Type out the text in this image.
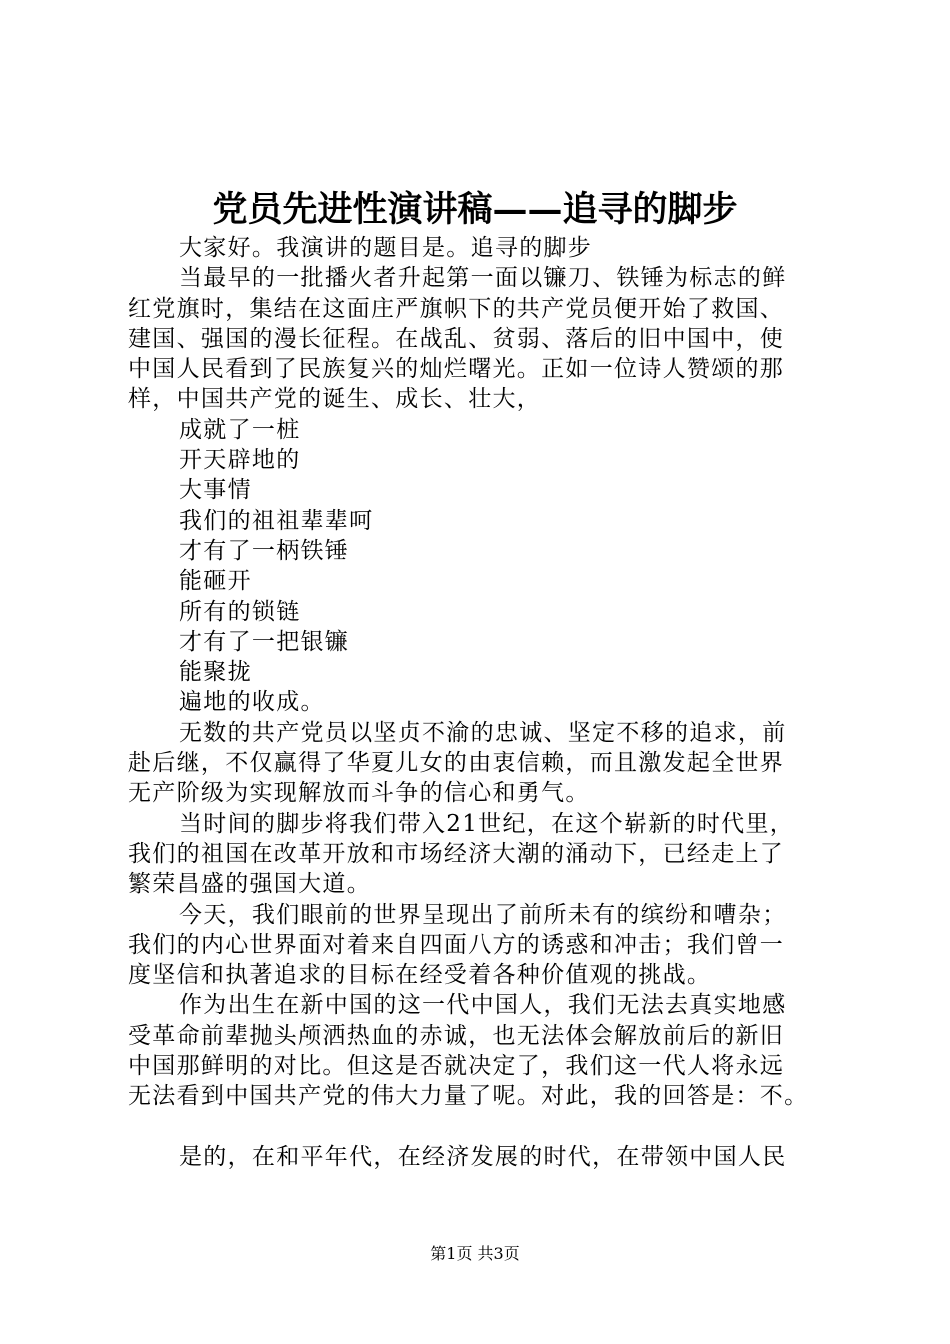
党员先进性演讲稿——追寻的脚步
大家好。我演讲的题目是。追寻的脚步
当最早的一批播火者升起第一面以镰刀、铁锤为标志的鲜
红党旗时，集结在这面庄严旗帜下的共产党员便开始了救国、
建国、强国的漫长征程。在战乱、贫弱、落后的旧中国中，使
中国人民看到了民族复兴的灿烂曙光。正如一位诗人赞颂的那
样，中国共产党的诞生、成长、壮大，
成就了一桩
开天辟地的
大事情
我们的祖祖辈辈呵
才有了一柄铁锤
能砸开
所有的锁链
才有了一把银镰
能聚拢
遍地的收成。
无数的共产党员以坚贞不渝的忠诚、坚定不移的追求，前
赴后继，不仅赢得了华夏儿女的由衷信赖，而且激发起全世界
无产阶级为实现解放而斗争的信心和勇气。
当时间的脚步将我们带入21世纪，在这个崭新的时代里，
我们的祖国在改革开放和市场经济大潮的涌动下，已经走上了
繁荣昌盛的强国大道。
今天，我们眼前的世界呈现出了前所未有的缤纷和嘈杂；
我们的内心世界面对着来自四面八方的诱惑和冲击；我们曾一
度坚信和执著追求的目标在经受着各种价值观的挑战。
作为出生在新中国的这一代中国人，我们无法去真实地感
受革命前辈抛头颅洒热血的赤诚，也无法体会解放前后的新旧
中国那鲜明的对比。但这是否就决定了，我们这一代人将永远
无法看到中国共产党的伟大力量了呢。对此，我的回答是：不。
是的，在和平年代，在经济发展的时代，在带领中国人民
第1页 共3页
